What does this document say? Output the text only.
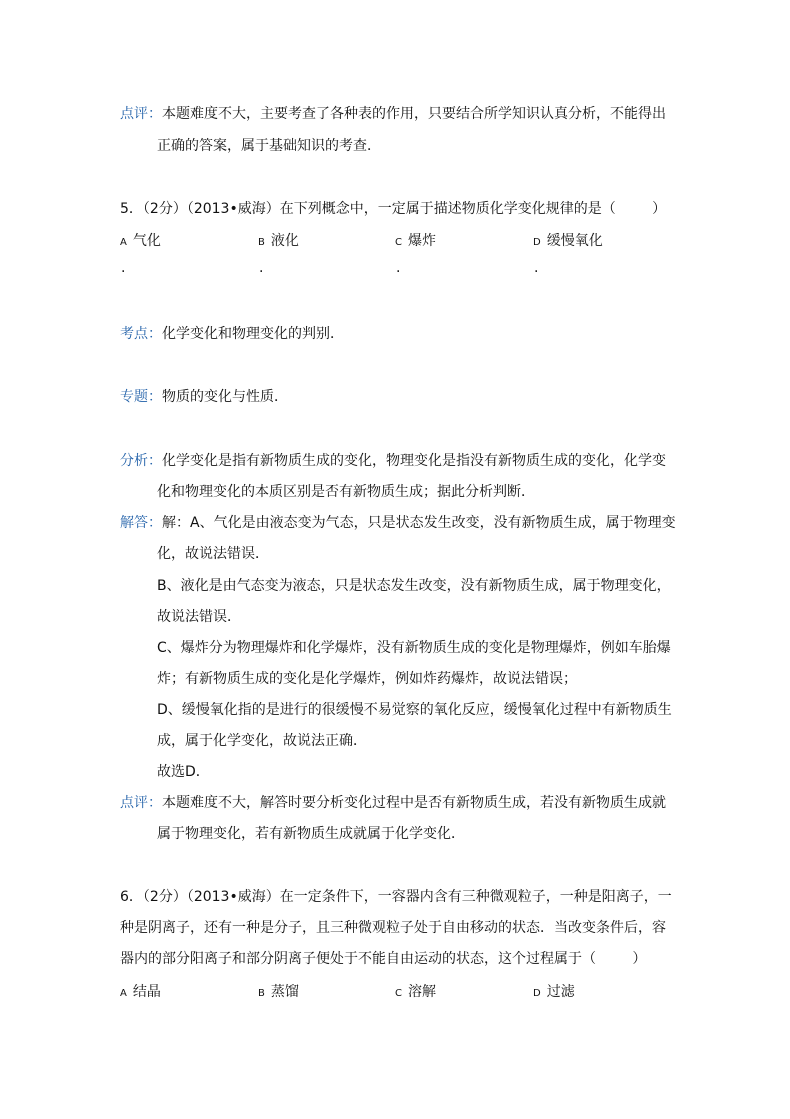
点评：本题难度不大，主要考查了各种表的作用，只要结合所学知识认真分析，不能得出
正确的答案，属于基础知识的考查．
5．（2分）（2013•威海）在下列概念中，一定属于描述物质化学变化规律的是（	）
A 气化	B 液化	C 爆炸	D 缓慢氧化
.	.	.	.
考点：化学变化和物理变化的判别．
专题：物质的变化与性质．
分析：化学变化是指有新物质生成的变化，物理变化是指没有新物质生成的变化，化学变
化和物理变化的本质区别是否有新物质生成；据此分析判断．
解答：解：A、气化是由液态变为气态，只是状态发生改变，没有新物质生成，属于物理变
化，故说法错误．
B、液化是由气态变为液态，只是状态发生改变，没有新物质生成，属于物理变化，
故说法错误．
C、爆炸分为物理爆炸和化学爆炸，没有新物质生成的变化是物理爆炸，例如车胎爆
炸；有新物质生成的变化是化学爆炸，例如炸药爆炸，故说法错误；
D、缓慢氧化指的是进行的很缓慢不易觉察的氧化反应，缓慢氧化过程中有新物质生
成，属于化学变化，故说法正确．
故选D．
点评：本题难度不大，解答时要分析变化过程中是否有新物质生成，若没有新物质生成就
属于物理变化，若有新物质生成就属于化学变化．
6．（2分）（2013•威海）在一定条件下，一容器内含有三种微观粒子，一种是阳离子，一
种是阴离子，还有一种是分子，且三种微观粒子处于自由移动的状态．当改变条件后，容
器内的部分阳离子和部分阴离子便处于不能自由运动的状态，这个过程属于（	）
A 结晶	B 蒸馏	C 溶解	D 过滤
